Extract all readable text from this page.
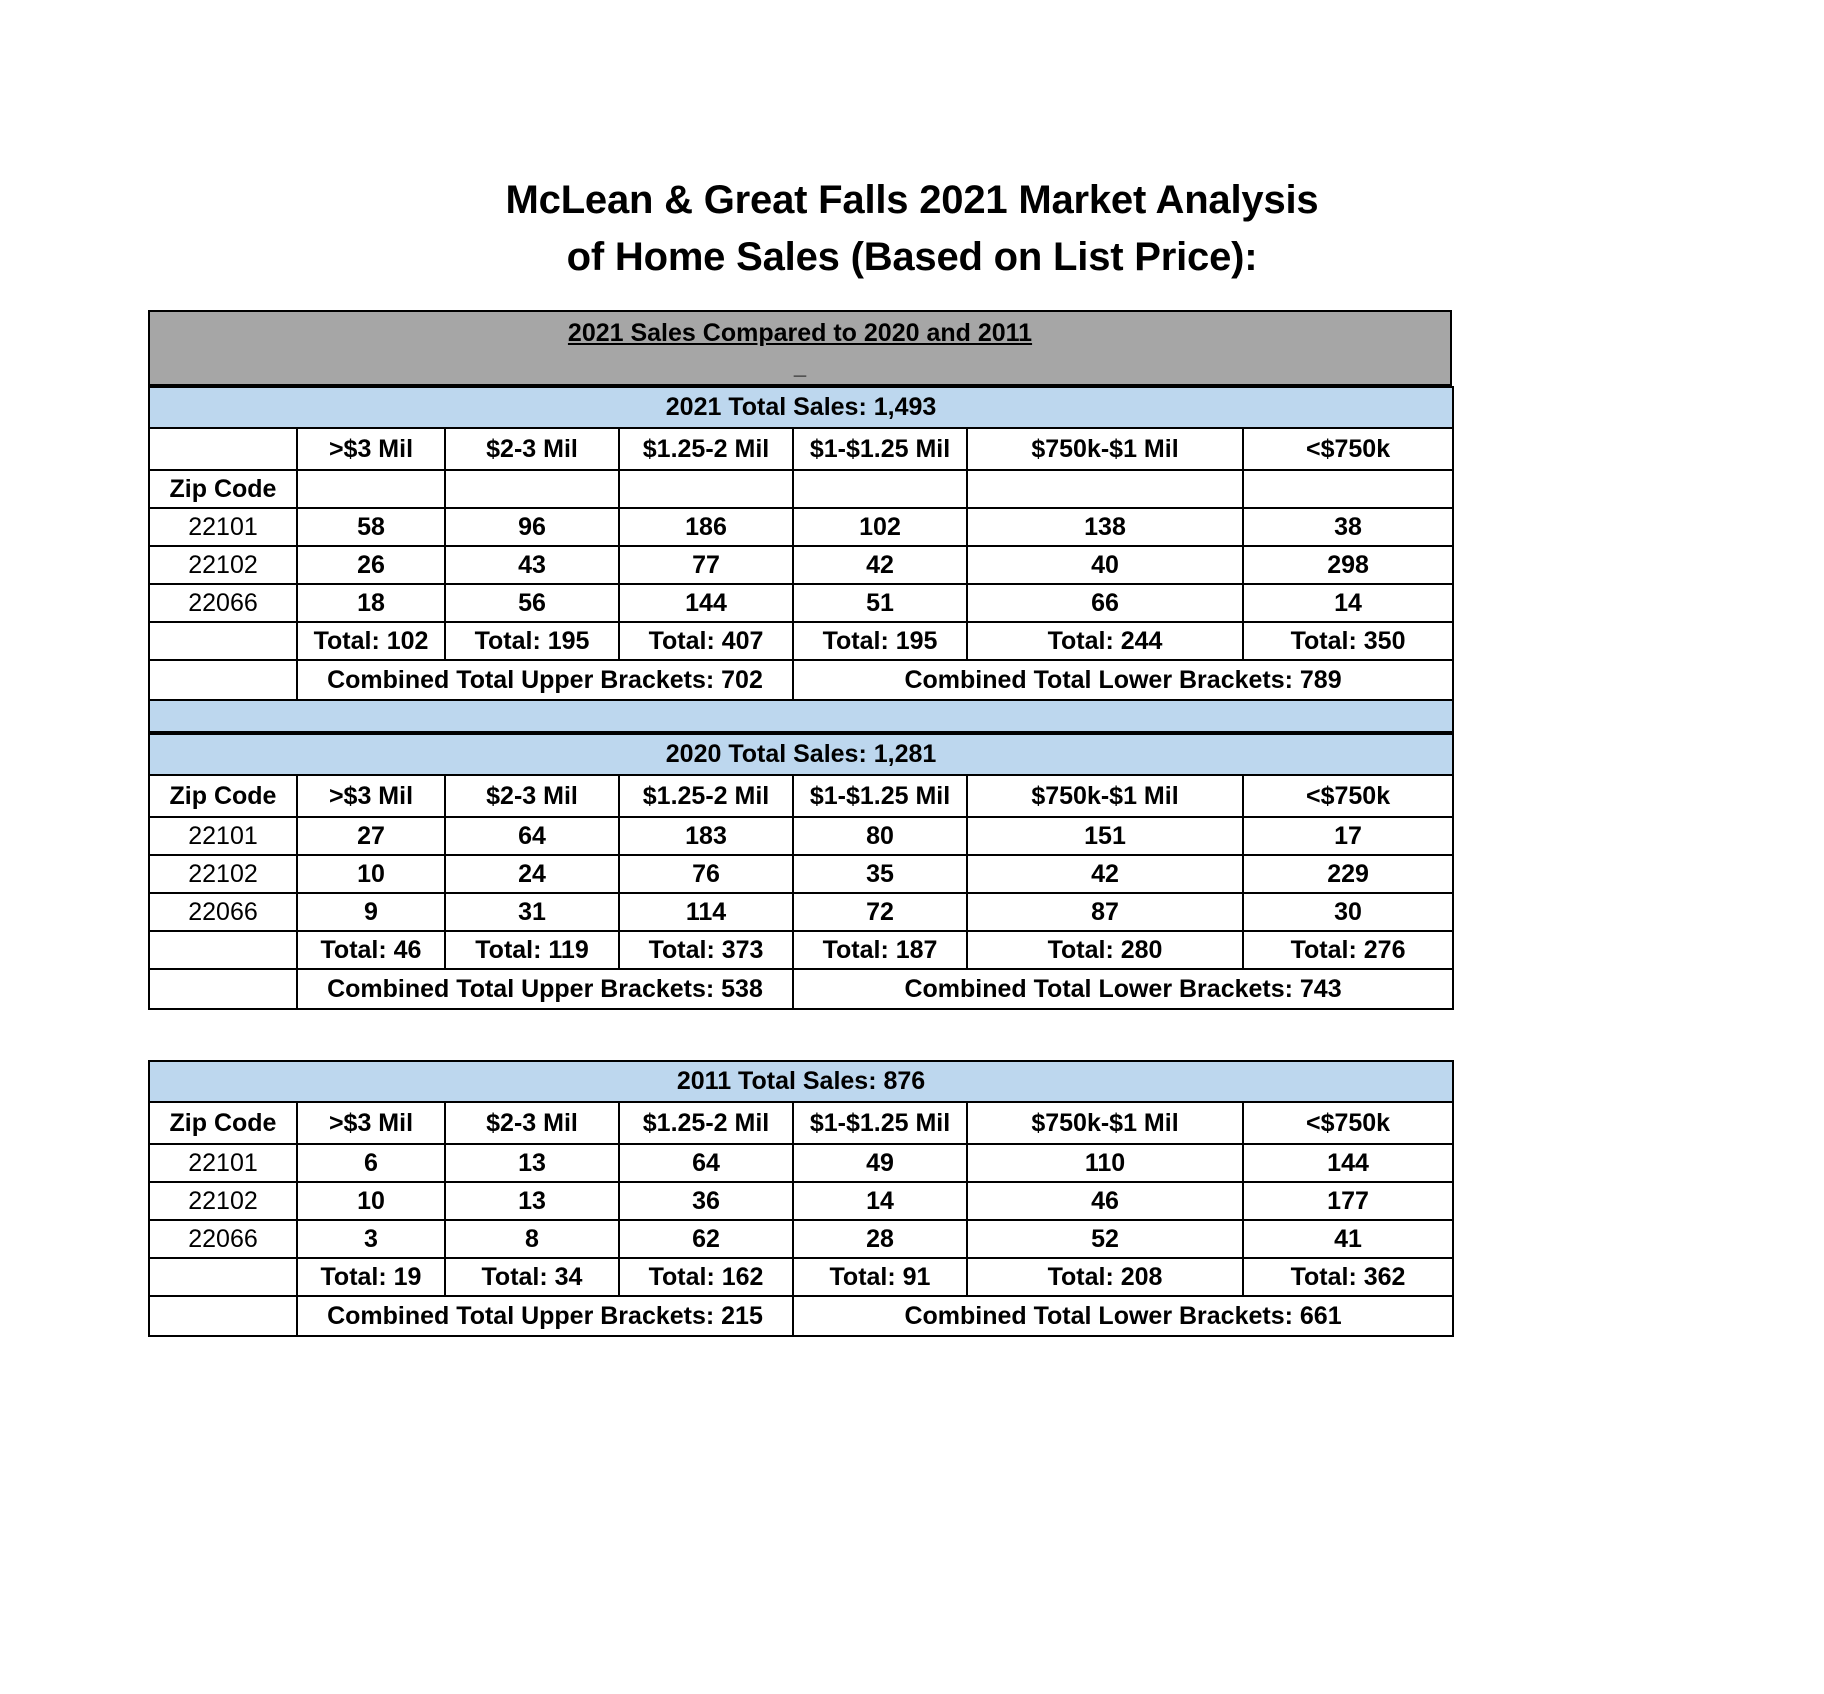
McLean & Great Falls 2021 Market Analysis
of Home Sales (Based on List Price):
2021 Sales Compared to 2020 and 2011
_
2021 Total Sales: 1,493						
	>$3 Mil	$2-3 Mil	$1.25-2 Mil	$1-$1.25 Mil	$750k-$1 Mil	<$750k
Zip Code						
22101	58	96	186	102	138	38
22102	26	43	77	42	40	298
22066	18	56	144	51	66	14
	Total: 102	Total: 195	Total: 407	Total: 195	Total: 244	Total: 350
	Combined Total Upper Brackets: 702			Combined Total Lower Brackets: 789		

2020 Total Sales: 1,281						
Zip Code	>$3 Mil	$2-3 Mil	$1.25-2 Mil	$1-$1.25 Mil	$750k-$1 Mil	<$750k
22101	27	64	183	80	151	17
22102	10	24	76	35	42	229
22066	9	31	114	72	87	30
	Total: 46	Total: 119	Total: 373	Total: 187	Total: 280	Total: 276
	Combined Total Upper Brackets: 538			Combined Total Lower Brackets: 743		
2011 Total Sales: 876						
Zip Code	>$3 Mil	$2-3 Mil	$1.25-2 Mil	$1-$1.25 Mil	$750k-$1 Mil	<$750k
22101	6	13	64	49	110	144
22102	10	13	36	14	46	177
22066	3	8	62	28	52	41
	Total: 19	Total: 34	Total: 162	Total: 91	Total: 208	Total: 362
	Combined Total Upper Brackets: 215			Combined Total Lower Brackets: 661		
